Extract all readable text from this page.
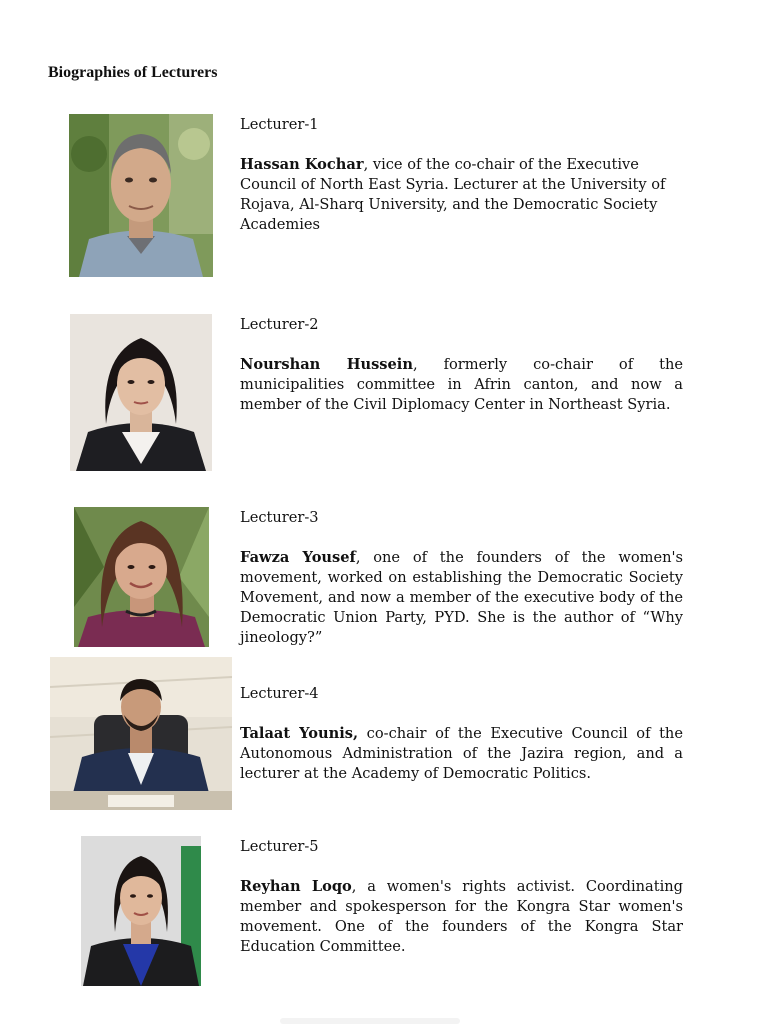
Biographies of Lecturers

Lecturer-1

Hassan Kochar, vice of the co-chair of the Executive Council of North East Syria. Lecturer at the University of Rojava, Al-Sharq University, and the Democratic Society Academies

Lecturer-2

Nourshan Hussein, formerly co-chair of the municipalities committee in Afrin canton, and now a member of the Civil Diplomacy Center in Northeast Syria.

Lecturer-3

Fawza Yousef, one of the founders of the women's movement, worked on establishing the Democratic Society Movement, and now a member of the executive body of the Democratic Union Party, PYD. She is the author of “Why jineology?”

Lecturer-4

Talaat Younis, co-chair of the Executive Council of the Autonomous Administration of the Jazira region, and a lecturer at the Academy of Democratic Politics.

Lecturer-5

Reyhan Loqo, a women's rights activist. Coordinating member and spokesperson for the Kongra Star women's movement. One of the founders of the Kongra Star Education Committee.
